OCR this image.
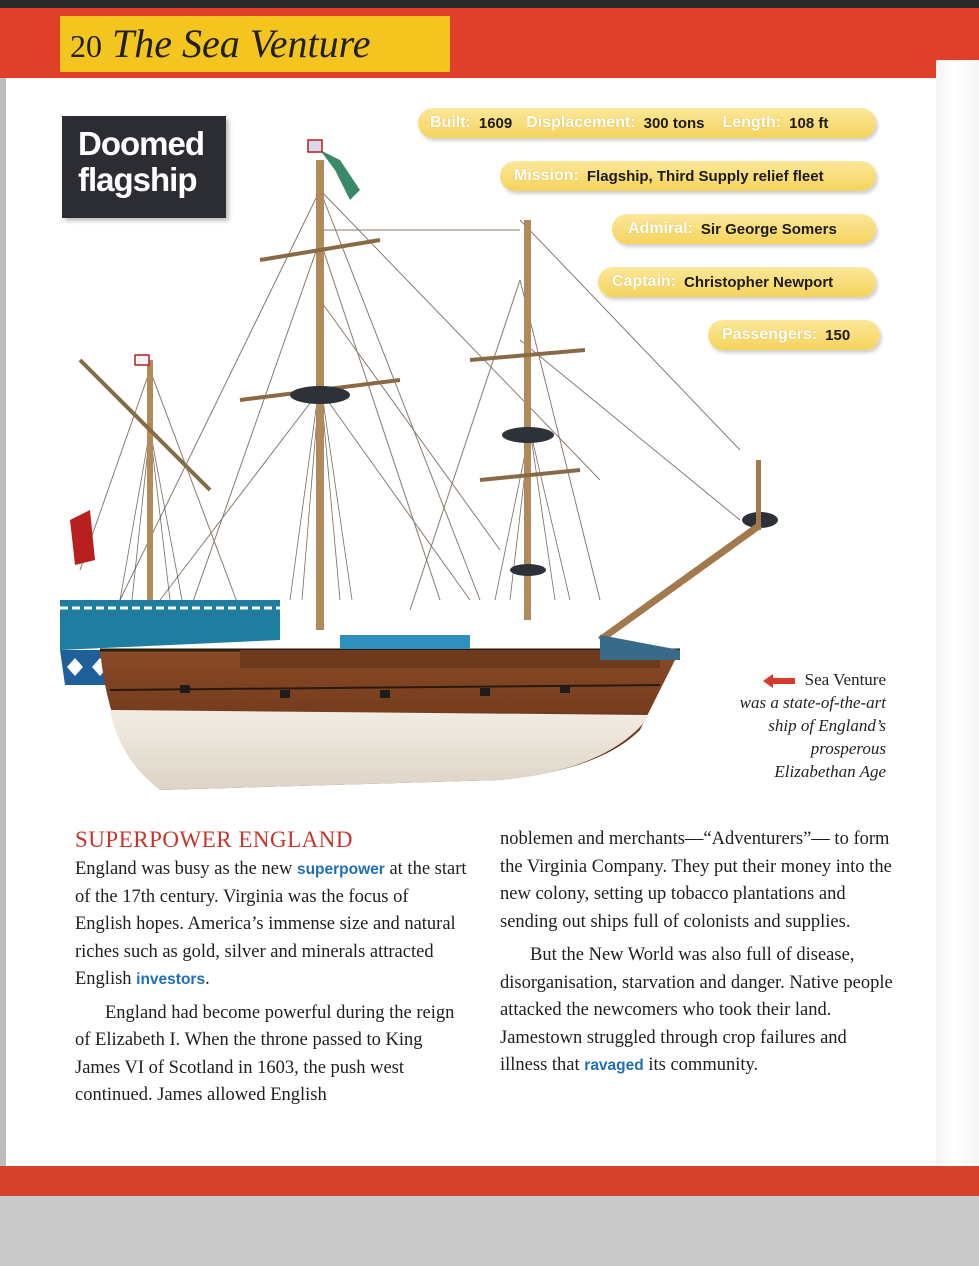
20 The Sea Venture
Doomed
flagship
Built: 1609 Displacement: 300 tons Length: 108 ft
Mission: Flagship, Third Supply relief fleet
Admiral: Sir George Somers
Captain: Christopher Newport
Passengers: 150
Sea Venture
was a state-of-the-art
ship of England’s
prosperous
Elizabethan Age
SUPERPOWER ENGLAND

England was busy as the new superpower at the start of the 17th century. Virginia was the focus of English hopes. America’s immense size and natural riches such as gold, silver and minerals attracted English investors.

England had become powerful during the reign of Elizabeth I. When the throne passed to King James VI of Scotland in 1603, the push west continued. James allowed English

noblemen and merchants—“Adventurers”— to form the Virginia Company. They put their money into the new colony, setting up tobacco plantations and sending out ships full of colonists and supplies.

But the New World was also full of disease, disorganisation, starvation and danger. Native people attacked the newcomers who took their land. Jamestown struggled through crop failures and illness that ravaged its community.
